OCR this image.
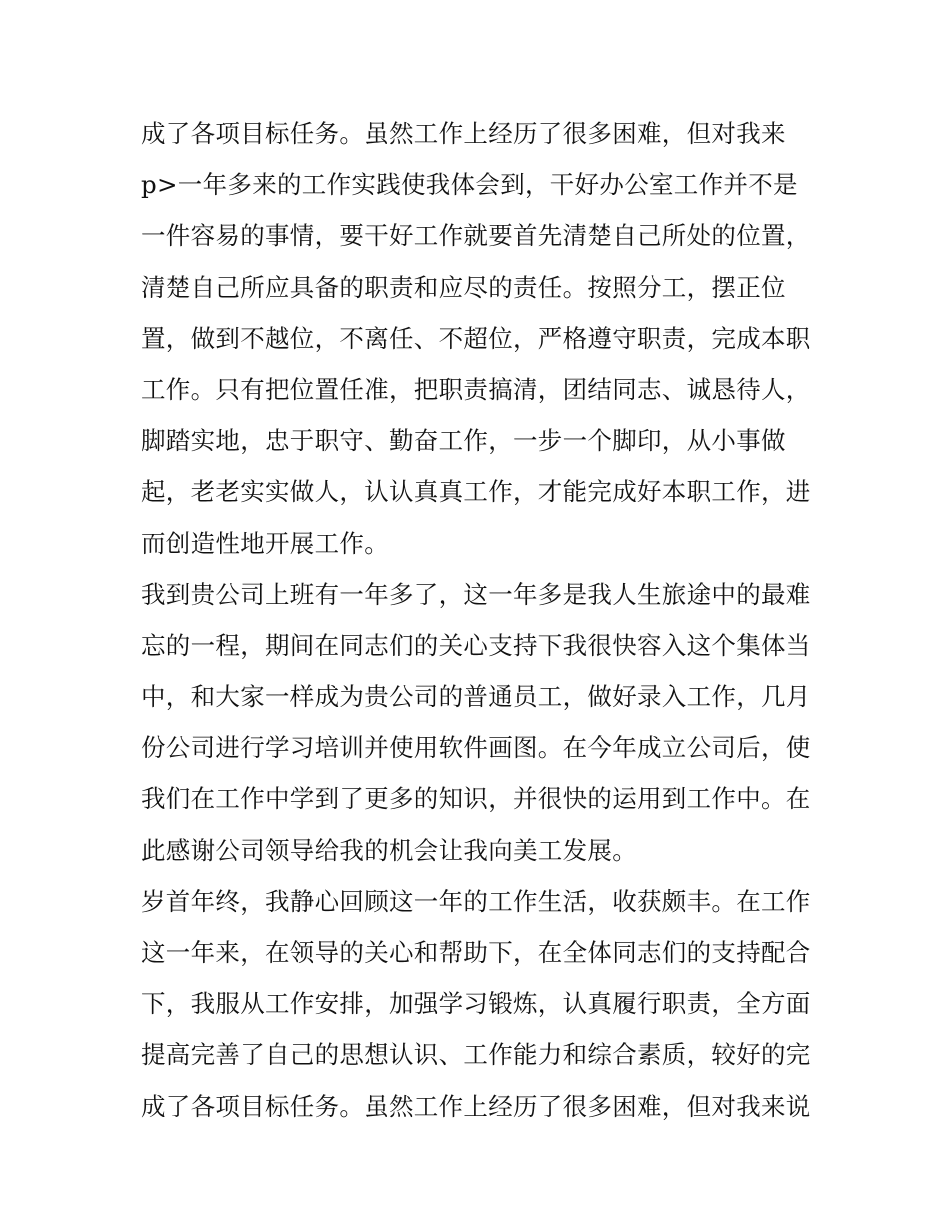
成了各项目标任务。虽然工作上经历了很多困难，但对我来
p>一年多来的工作实践使我体会到，干好办公室工作并不是
一件容易的事情，要干好工作就要首先清楚自己所处的位置，
清楚自己所应具备的职责和应尽的责任。按照分工，摆正位
置，做到不越位，不离任、不超位，严格遵守职责，完成本职
工作。只有把位置任准，把职责搞清，团结同志、诚恳待人，
脚踏实地，忠于职守、勤奋工作，一步一个脚印，从小事做
起，老老实实做人，认认真真工作，才能完成好本职工作，进
而创造性地开展工作。
我到贵公司上班有一年多了，这一年多是我人生旅途中的最难
忘的一程，期间在同志们的关心支持下我很快容入这个集体当
中，和大家一样成为贵公司的普通员工，做好录入工作，几月
份公司进行学习培训并使用软件画图。在今年成立公司后，使
我们在工作中学到了更多的知识，并很快的运用到工作中。在
此感谢公司领导给我的机会让我向美工发展。
岁首年终，我静心回顾这一年的工作生活，收获颇丰。在工作
这一年来，在领导的关心和帮助下，在全体同志们的支持配合
下，我服从工作安排，加强学习锻炼，认真履行职责，全方面
提高完善了自己的思想认识、工作能力和综合素质，较好的完
成了各项目标任务。虽然工作上经历了很多困难，但对我来说
